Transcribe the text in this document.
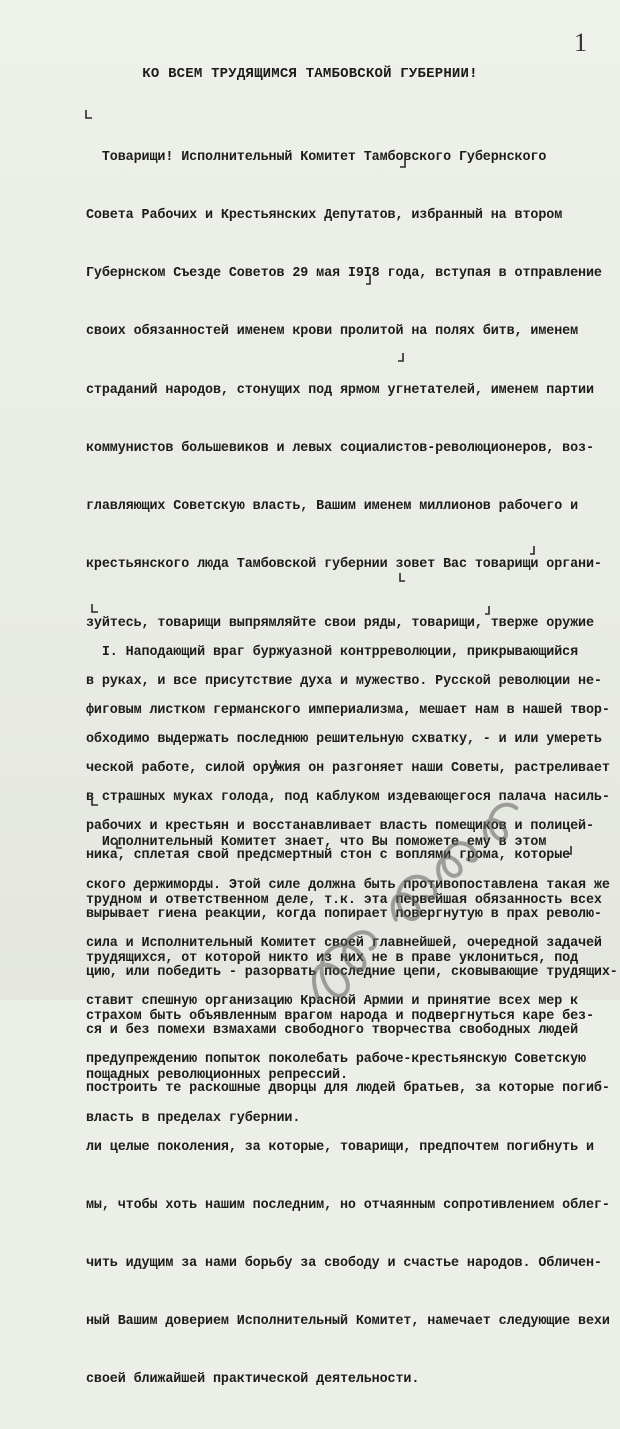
1
КО ВСЕМ ТРУДЯЩИМСЯ ТАМБОВСКОЙ ГУБЕРНИИ!

Товарищи! Исполнительный Комитет Тамбовского Губернского

Совета Рабочих и Крестьянских Депутатов, избранный на втором

Губернском Съезде Советов 29 мая I9I8 года, вступая в отправление

своих обязанностей именем крови пролитой на полях битв, именем

страданий народов, стонущих под ярмом угнетателей, именем партии

коммунистов большевиков и левых социалистов-революционеров, воз-

главляющих Советскую власть, Вашим именем миллионов рабочего и

крестьянского люда Тамбовской губернии зовет Вас товарищи органи-

зуйтесь, товарищи выпрямляйте свои ряды, товарищи, тверже оружие

в руках, и все присутствие духа и мужество. Русской революции не-

обходимо выдержать последнюю решительную схватку, - и или умереть

в страшных муках голода, под каблуком издевающегося палача насиль-

ника, сплетая свой предсмертный стон с воплями грома, которые

вырывает гиена реакции, когда попирает повергнутую в прах револю-

цию, или победить - разорвать последние цепи, сковывающие трудящих-

ся и без помехи взмахами свободного творчества свободных людей

построить те раскошные дворцы для людей братьев, за которые погиб-

ли целые поколения, за которые, товарищи, предпочтем погибнуть и

мы, чтобы хоть нашим последним, но отчаянным сопротивлением облег-

чить идущим за нами борьбу за свободу и счастье народов. Обличен-

ный Вашим доверием Исполнительный Комитет, намечает следующие вехи

своей ближайшей практической деятельности.

I. Наподающий враг буржуазной контрреволюции, прикрывающийся

фиговым листком германского империализма, мешает нам в нашей твор-

ческой работе, силой оружия он разгоняет наши Советы, растреливает

рабочих и крестьян и восстанавливает власть помещиков и полицей-

ского держиморды. Этой силе должна быть противопоставлена такая же

сила и Исполнительный Комитет своей главнейшей, очередной задачей

ставит спешную организацию Красной Армии и принятие всех мер к

предупреждению попыток поколебать рабоче-крестьянскую Советскую

власть в пределах губернии.

Исполнительный Комитет знает, что Вы поможете ему в этом

трудном и ответственном деле, т.к. эта первейшая обязанность всех

трудящихся, от которой никто из них не в праве уклониться, под

страхом быть объявленным врагом народа и подвергнуться каре без-

пощадных революционных репрессий.
